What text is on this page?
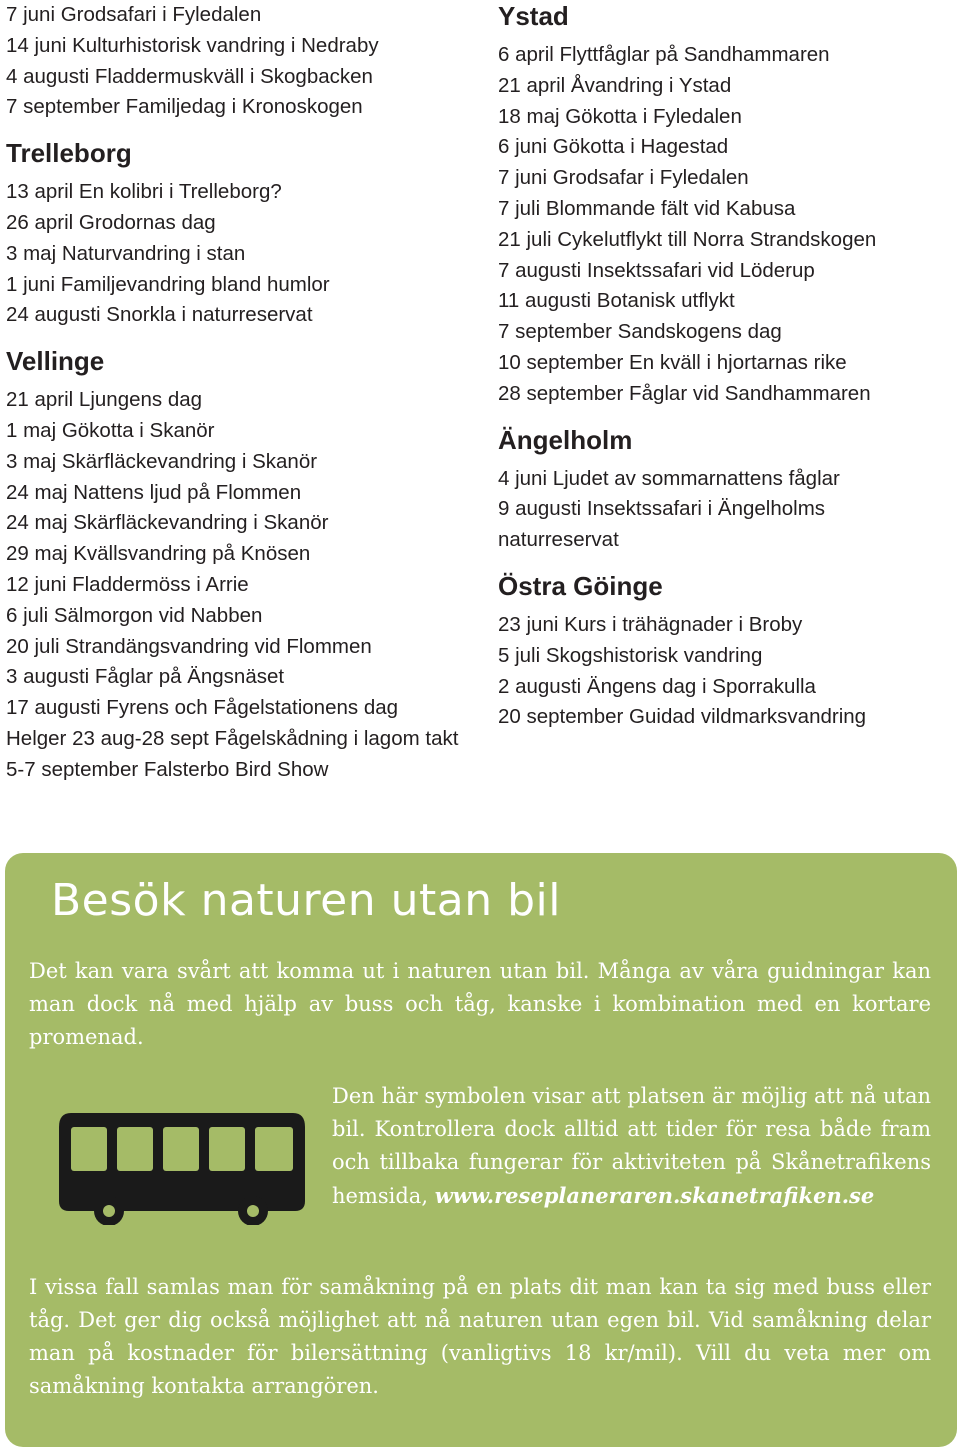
7 juni Grodsafari i Fyledalen
14 juni Kulturhistorisk vandring i Nedraby
4 augusti Fladdermuskväll i Skogbacken
7 september Familjedag i Kronoskogen
Trelleborg
13 april En kolibri i Trelleborg?
26 april Grodornas dag
3 maj Naturvandring i stan
1 juni Familjevandring bland humlor
24 augusti Snorkla i naturreservat
Vellinge
21 april Ljungens dag
1 maj Gökotta i Skanör
3 maj Skärfläckevandring i Skanör
24 maj Nattens ljud på Flommen
24 maj Skärfläckevandring i Skanör
29 maj Kvällsvandring på Knösen
12 juni Fladdermöss i Arrie
6 juli Sälmorgon vid Nabben
20 juli Strandängsvandring vid Flommen
3 augusti Fåglar på Ängsnäset
17 augusti Fyrens och Fågelstationens dag
Helger 23 aug-28 sept Fågelskådning i lagom takt
5-7 september Falsterbo Bird Show
Ystad
6 april Flyttfåglar på Sandhammaren
21 april Åvandring i Ystad
18 maj Gökotta i Fyledalen
6 juni Gökotta i Hagestad
7 juni Grodsafar i Fyledalen
7 juli Blommande fält vid Kabusa
21 juli Cykelutflykt till Norra Strandskogen
7 augusti Insektssafari vid Löderup
11 augusti Botanisk utflykt
7 september Sandskogens dag
10 september En kväll i hjortarnas rike
28 september Fåglar vid Sandhammaren
Ängelholm
4 juni Ljudet av sommarnattens fåglar
9 augusti Insektssafari i Ängelholms naturreservat
Östra Göinge
23 juni Kurs i trähägnader i Broby
5 juli Skogshistorisk vandring
2 augusti Ängens dag i Sporrakulla
20 september Guidad vildmarksvandring
Besök naturen utan bil
Det kan vara svårt att komma ut i naturen utan bil. Många av våra guidningar kan man dock nå med hjälp av buss och tåg, kanske i kombination med en kortare promenad.
Den här symbolen visar att platsen är möjlig att nå utan bil. Kontrollera dock alltid att tider för resa både fram och tillbaka fungerar för aktiviteten på Skånetrafikens hemsida, www.reseplaneraren.skanetrafiken.se
I vissa fall samlas man för samåkning på en plats dit man kan ta sig med buss eller tåg. Det ger dig också möjlighet att nå naturen utan egen bil. Vid samåkning delar man på kostnader för bilersättning (vanligtivs 18 kr/mil). Vill du veta mer om samåkning kontakta arrangören.
